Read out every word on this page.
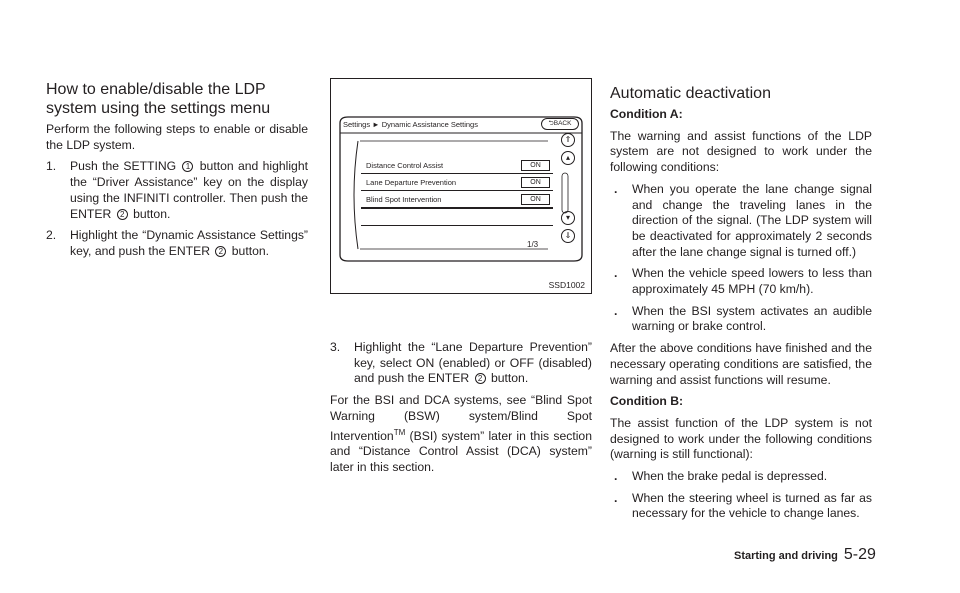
How to enable/disable the LDP system using the settings menu

Perform the following steps to enable or disable the LDP system.

1. Push the SETTING 1 button and highlight the “Driver Assistance” key on the display using the INFINITI controller. Then push the ENTER 2 button.
2. Highlight the “Dynamic Assistance Settings” key, and push the ENTER 2 button.
Settings ► Dynamic Assistance Settings	⮌BACK
Distance Control Assist	ON
Lane Departure Prevention	ON
Blind Spot Intervention	ON
⇑
▴
▾
⇓
1/3
SSD1002
3. Highlight the “Lane Departure Prevention” key, select ON (enabled) or OFF (disabled) and push the ENTER 2 button.

For the BSI and DCA systems, see “Blind Spot Warning (BSW) system/Blind Spot Intervention™ (BSI) system” later in this section and “Distance Control Assist (DCA) system” later in this section.

Automatic deactivation

Condition A:

The warning and assist functions of the LDP system are not designed to work under the following conditions:

. When you operate the lane change signal and change the traveling lanes in the direction of the signal. (The LDP system will be deactivated for approximately 2 seconds after the lane change signal is turned off.)
. When the vehicle speed lowers to less than approximately 45 MPH (70 km/h).
. When the BSI system activates an audible warning or brake control.

After the above conditions have finished and the necessary operating conditions are satisfied, the warning and assist functions will resume.

Condition B:

The assist function of the LDP system is not designed to work under the following conditions (warning is still functional):

. When the brake pedal is depressed.
. When the steering wheel is turned as far as necessary for the vehicle to change lanes.
Starting and driving 5-29
